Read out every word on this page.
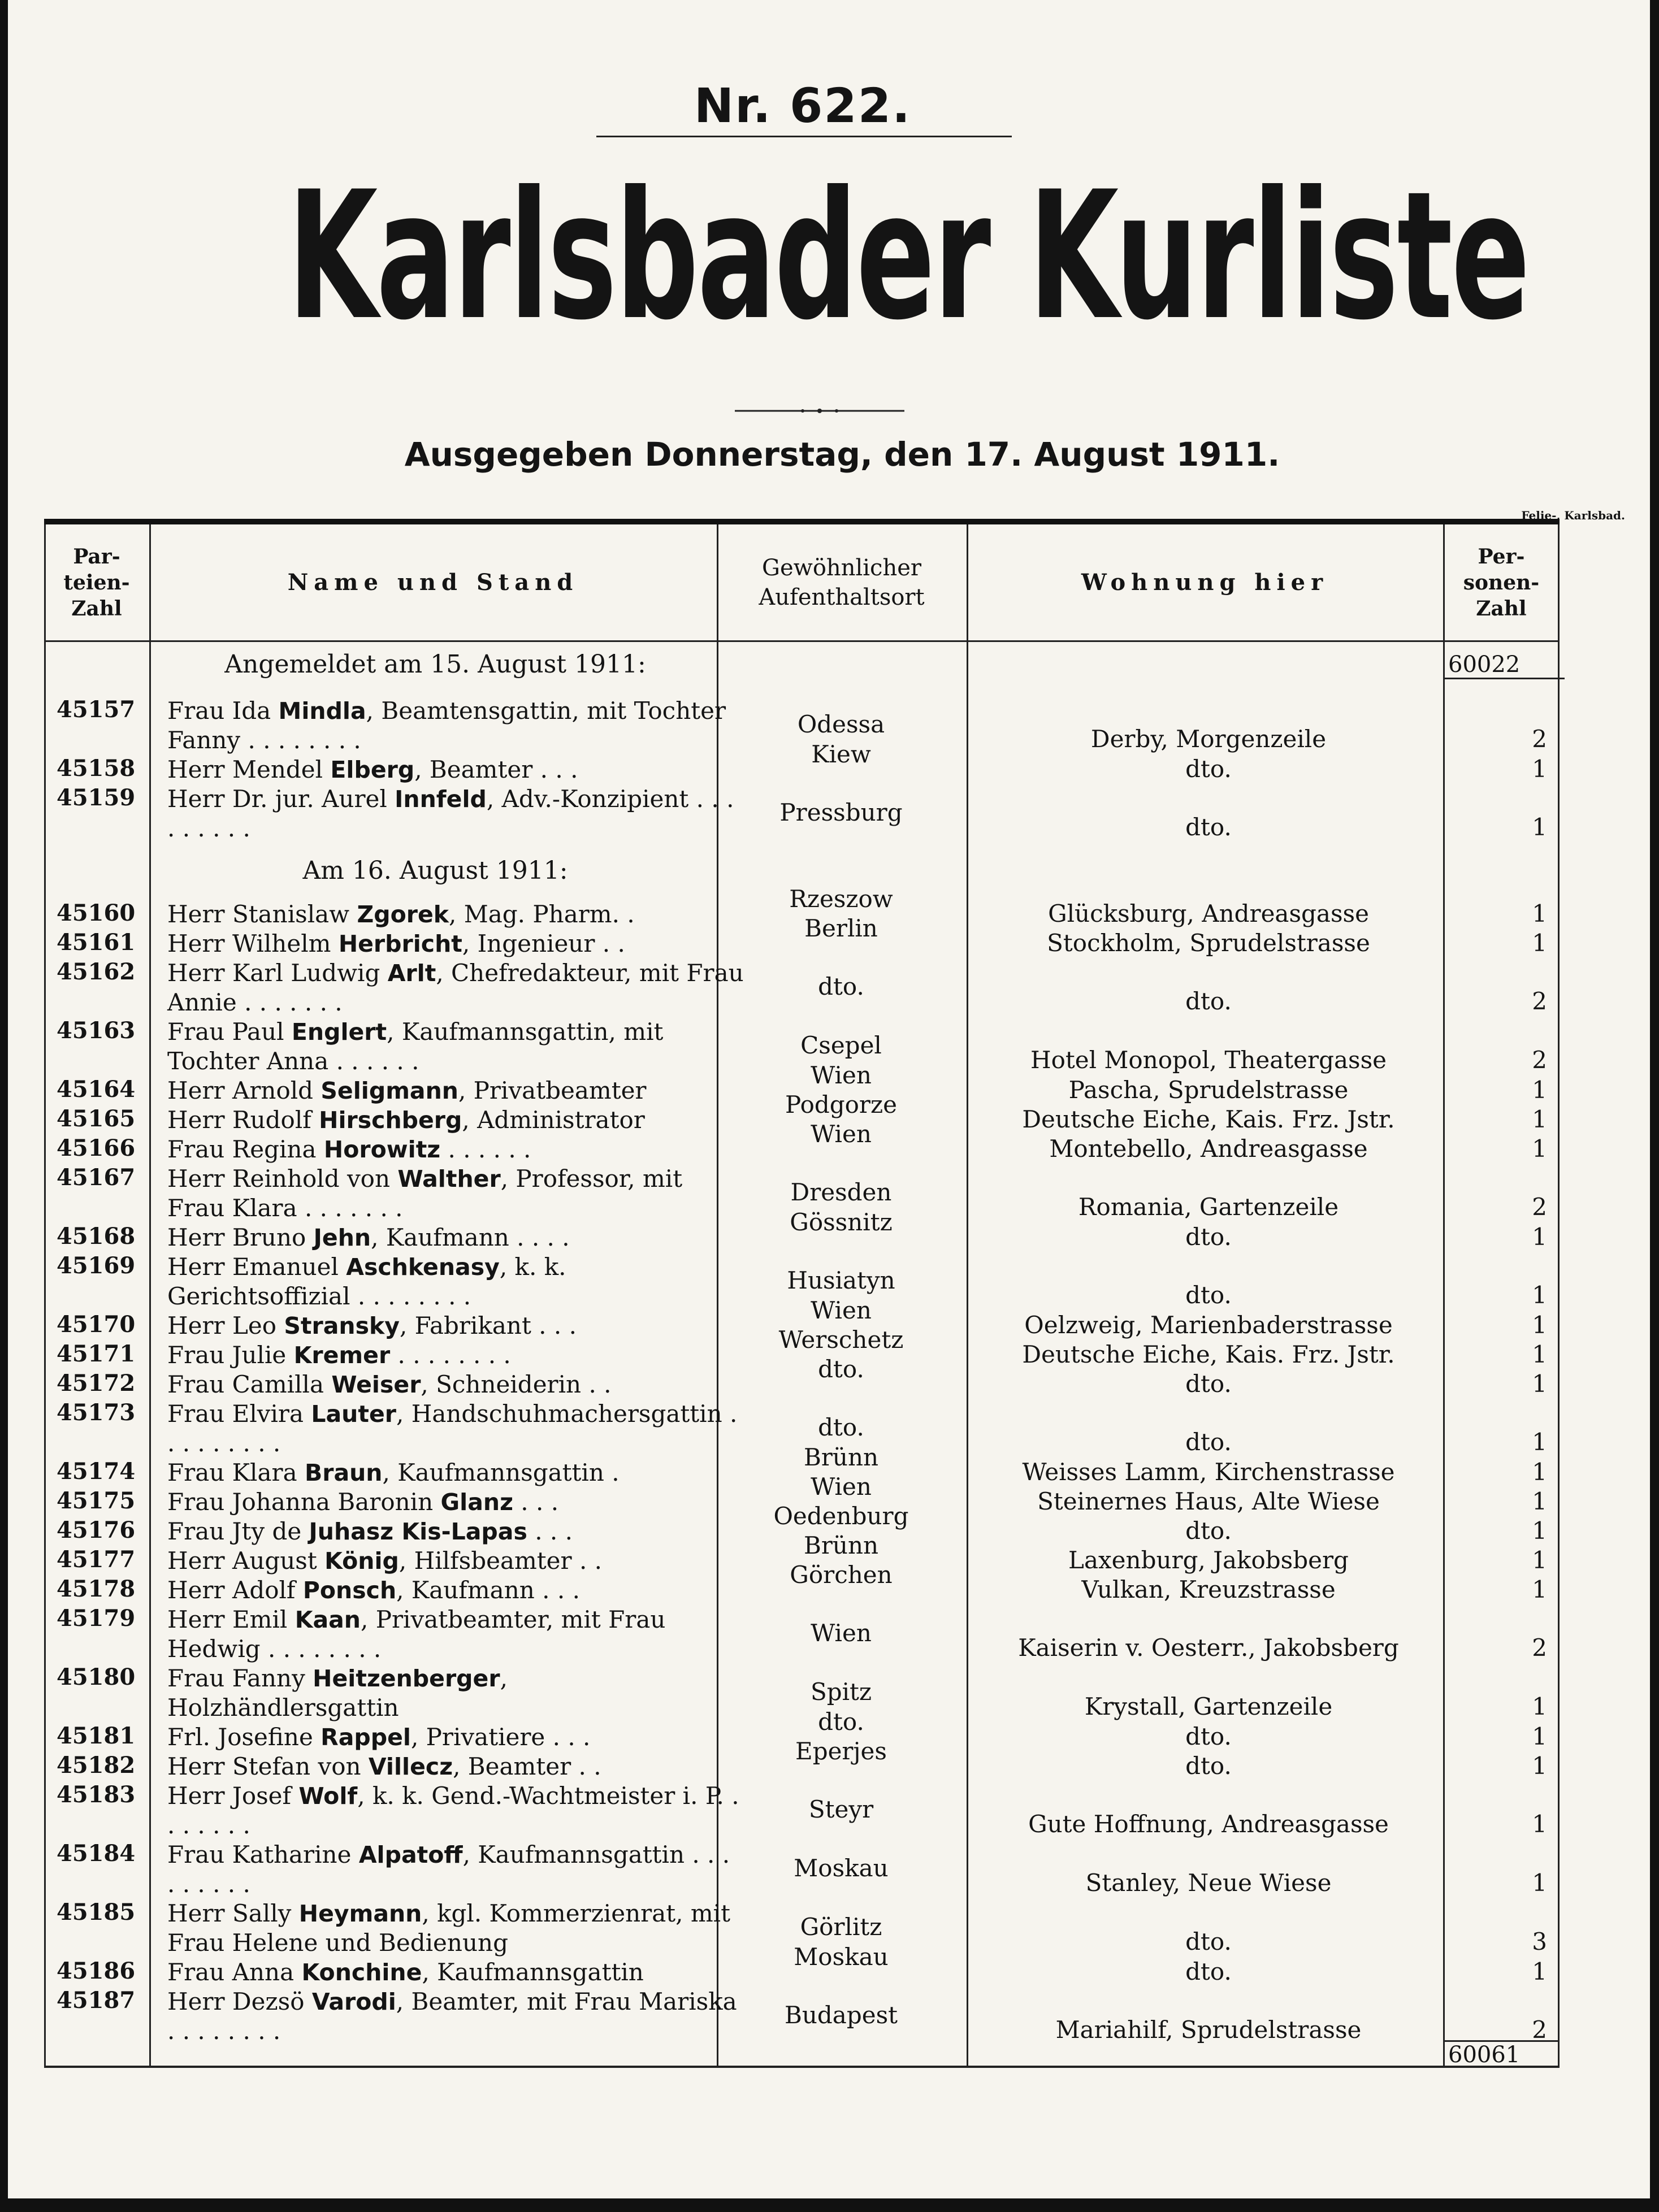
Nr. 622.
Karlsbader Kurliste
Ausgegeben Donnerstag, den 17. August 1911.
Felie-, Karlsbad.
Par-
teien-
Zahl
Name und Stand
Gewöhnlicher
Aufenthaltsort
Wohnung hier
Per-
sonen-
Zahl
60022
Angemeldet am 15. August 1911:
Am 16. August 1911:
45157 Frau Ida Mindla, Beamtensgattin, mit Tochter Fanny . . . . . . . .
Odessa
Derby, Morgenzeile	2
45158 Herr Mendel Elberg, Beamter . . .
Kiew
dto.	1
45159 Herr Dr. jur. Aurel Innfeld, Adv.-Konzipient . . . . . . . . .
Pressburg
dto.	1
45160 Herr Stanislaw Zgorek, Mag. Pharm. .
Rzeszow
Glücksburg, Andreasgasse	1
45161 Herr Wilhelm Herbricht, Ingenieur . .
Berlin
Stockholm, Sprudelstrasse	1
45162 Herr Karl Ludwig Arlt, Chefredakteur, mit Frau Annie . . . . . . .
dto.
dto.	2
45163 Frau Paul Englert, Kaufmannsgattin, mit Tochter Anna . . . . . .
Csepel
Hotel Monopol, Theatergasse	2
45164 Herr Arnold Seligmann, Privatbeamter
Wien
Pascha, Sprudelstrasse	1
45165 Herr Rudolf Hirschberg, Administrator
Podgorze
Deutsche Eiche, Kais. Frz. Jstr.	1
45166 Frau Regina Horowitz . . . . . .
Wien
Montebello, Andreasgasse	1
45167 Herr Reinhold von Walther, Professor, mit Frau Klara . . . . . . .
Dresden
Romania, Gartenzeile	2
45168 Herr Bruno Jehn, Kaufmann . . . .
Gössnitz
dto.	1
45169 Herr Emanuel Aschkenasy, k. k. Gerichtsoffizial . . . . . . . .
Husiatyn
dto.	1
45170 Herr Leo Stransky, Fabrikant . . .
Wien
Oelzweig, Marienbaderstrasse	1
45171 Frau Julie Kremer . . . . . . . .
Werschetz
Deutsche Eiche, Kais. Frz. Jstr.	1
45172 Frau Camilla Weiser, Schneiderin . .
dto.
dto.	1
45173 Frau Elvira Lauter, Handschuhmachersgattin . . . . . . . . .
dto.
dto.	1
45174 Frau Klara Braun, Kaufmannsgattin .
Brünn
Weisses Lamm, Kirchenstrasse	1
45175 Frau Johanna Baronin Glanz . . .
Wien
Steinernes Haus, Alte Wiese	1
45176 Frau Jty de Juhasz Kis-Lapas . . .
Oedenburg
dto.	1
45177 Herr August König, Hilfsbeamter . .
Brünn
Laxenburg, Jakobsberg	1
45178 Herr Adolf Ponsch, Kaufmann . . .
Görchen
Vulkan, Kreuzstrasse	1
45179 Herr Emil Kaan, Privatbeamter, mit Frau Hedwig . . . . . . . .
Wien
Kaiserin v. Oesterr., Jakobsberg	2
45180 Frau Fanny Heitzenberger, Holzhändlersgattin
Spitz
Krystall, Gartenzeile	1
45181 Frl. Josefine Rappel, Privatiere . . .
dto.
dto.	1
45182 Herr Stefan von Villecz, Beamter . .
Eperjes
dto.	1
45183 Herr Josef Wolf, k. k. Gend.-Wachtmeister i. P. . . . . . . .
Steyr
Gute Hoffnung, Andreasgasse	1
45184 Frau Katharine Alpatoff, Kaufmannsgattin . . . . . . . . .
Moskau
Stanley, Neue Wiese	1
45185 Herr Sally Heymann, kgl. Kommerzienrat, mit Frau Helene und Bedienung
Görlitz
dto.	3
45186 Frau Anna Konchine, Kaufmannsgattin
Moskau
dto.	1
45187 Herr Dezsö Varodi, Beamter, mit Frau Mariska . . . . . . . .
Budapest
Mariahilf, Sprudelstrasse	2
60061
